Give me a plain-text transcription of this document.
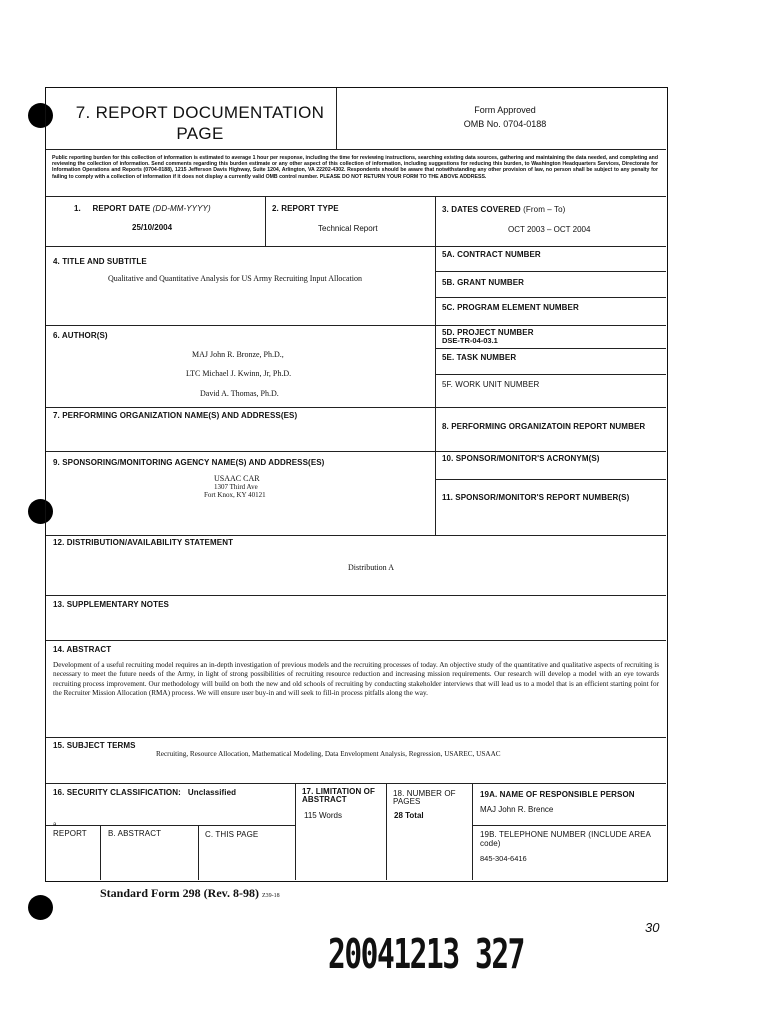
7. REPORT DOCUMENTATION
PAGE
Form Approved
OMB No. 0704-0188
Public reporting burden for this collection of information is estimated to average 1 hour per response, including the time for reviewing instructions, searching existing data sources, gathering and maintaining the data needed, and completing and reviewing the collection of information. Send comments regarding this burden estimate or any other aspect of this collection of information, including suggestions for reducing this burden, to Washington Headquarters Services, Directorate for Information Operations and Reports (0704-0188), 1215 Jefferson Davis Highway, Suite 1204, Arlington, VA 22202-4302. Respondents should be aware that notwithstanding any other provision of law, no person shall be subject to any penalty for failing to comply with a collection of information if it does not display a currently valid OMB control number. PLEASE DO NOT RETURN YOUR FORM TO THE ABOVE ADDRESS.
1. REPORT DATE (DD-MM-YYYY)
25/10/2004
2. REPORT TYPE
Technical Report
3. DATES COVERED (From – To)
OCT 2003 – OCT 2004
4. TITLE AND SUBTITLE
Qualitative and Quantitative Analysis for US Army Recruiting Input Allocation
5A. CONTRACT NUMBER
5B. GRANT NUMBER
5C. PROGRAM ELEMENT NUMBER
6. AUTHOR(S)
MAJ John R. Bronze, Ph.D.,
LTC Michael J. Kwinn, Jr, Ph.D.
David A. Thomas, Ph.D.
5D. PROJECT NUMBER
DSE-TR-04-03.1
5E. TASK NUMBER
5F. WORK UNIT NUMBER
7. PERFORMING ORGANIZATION NAME(S) AND ADDRESS(ES)
8. PERFORMING ORGANIZATOIN REPORT NUMBER
9. SPONSORING/MONITORING AGENCY NAME(S) AND ADDRESS(ES)
USAAC CAR
1307 Third Ave
Fort Knox, KY 40121
10. SPONSOR/MONITOR'S ACRONYM(S)
11. SPONSOR/MONITOR'S REPORT NUMBER(S)
12. DISTRIBUTION/AVAILABILITY STATEMENT
Distribution A
13. SUPPLEMENTARY NOTES
14. ABSTRACT
Development of a useful recruiting model requires an in-depth investigation of previous models and the recruiting processes of today. An objective study of the quantitative and qualitative aspects of recruiting is necessary to meet the future needs of the Army, in light of strong possibilities of recruiting resource reduction and increasing mission requirements. Our research will develop a model with an eye towards recruiting process improvement. Our methodology will build on both the new and old schools of recruiting by conducting stakeholder interviews that will lead us to a model that is an efficient starting point for the Recruiter Mission Allocation (RMA) process. We will ensure user buy-in and will seek to fill-in process pitfalls along the way.
15. SUBJECT TERMS
Recruiting, Resource Allocation, Mathematical Modeling, Data Envelopment Analysis, Regression, USAREC, USAAC
16. SECURITY CLASSIFICATION: Unclassified	17. LIMITATION OF
ABSTRACT
115 Words
18. NUMBER OF
PAGES
28 Total
19A. NAME OF RESPONSIBLE PERSON
MAJ John R. Brence
a.
REPORT	B. ABSTRACT	C. THIS PAGE	19B. TELEPHONE NUMBER (INCLUDE AREA
code)
845-304-6416
Standard Form 298 (Rev. 8-98) Z39-18
30
20041213 327
